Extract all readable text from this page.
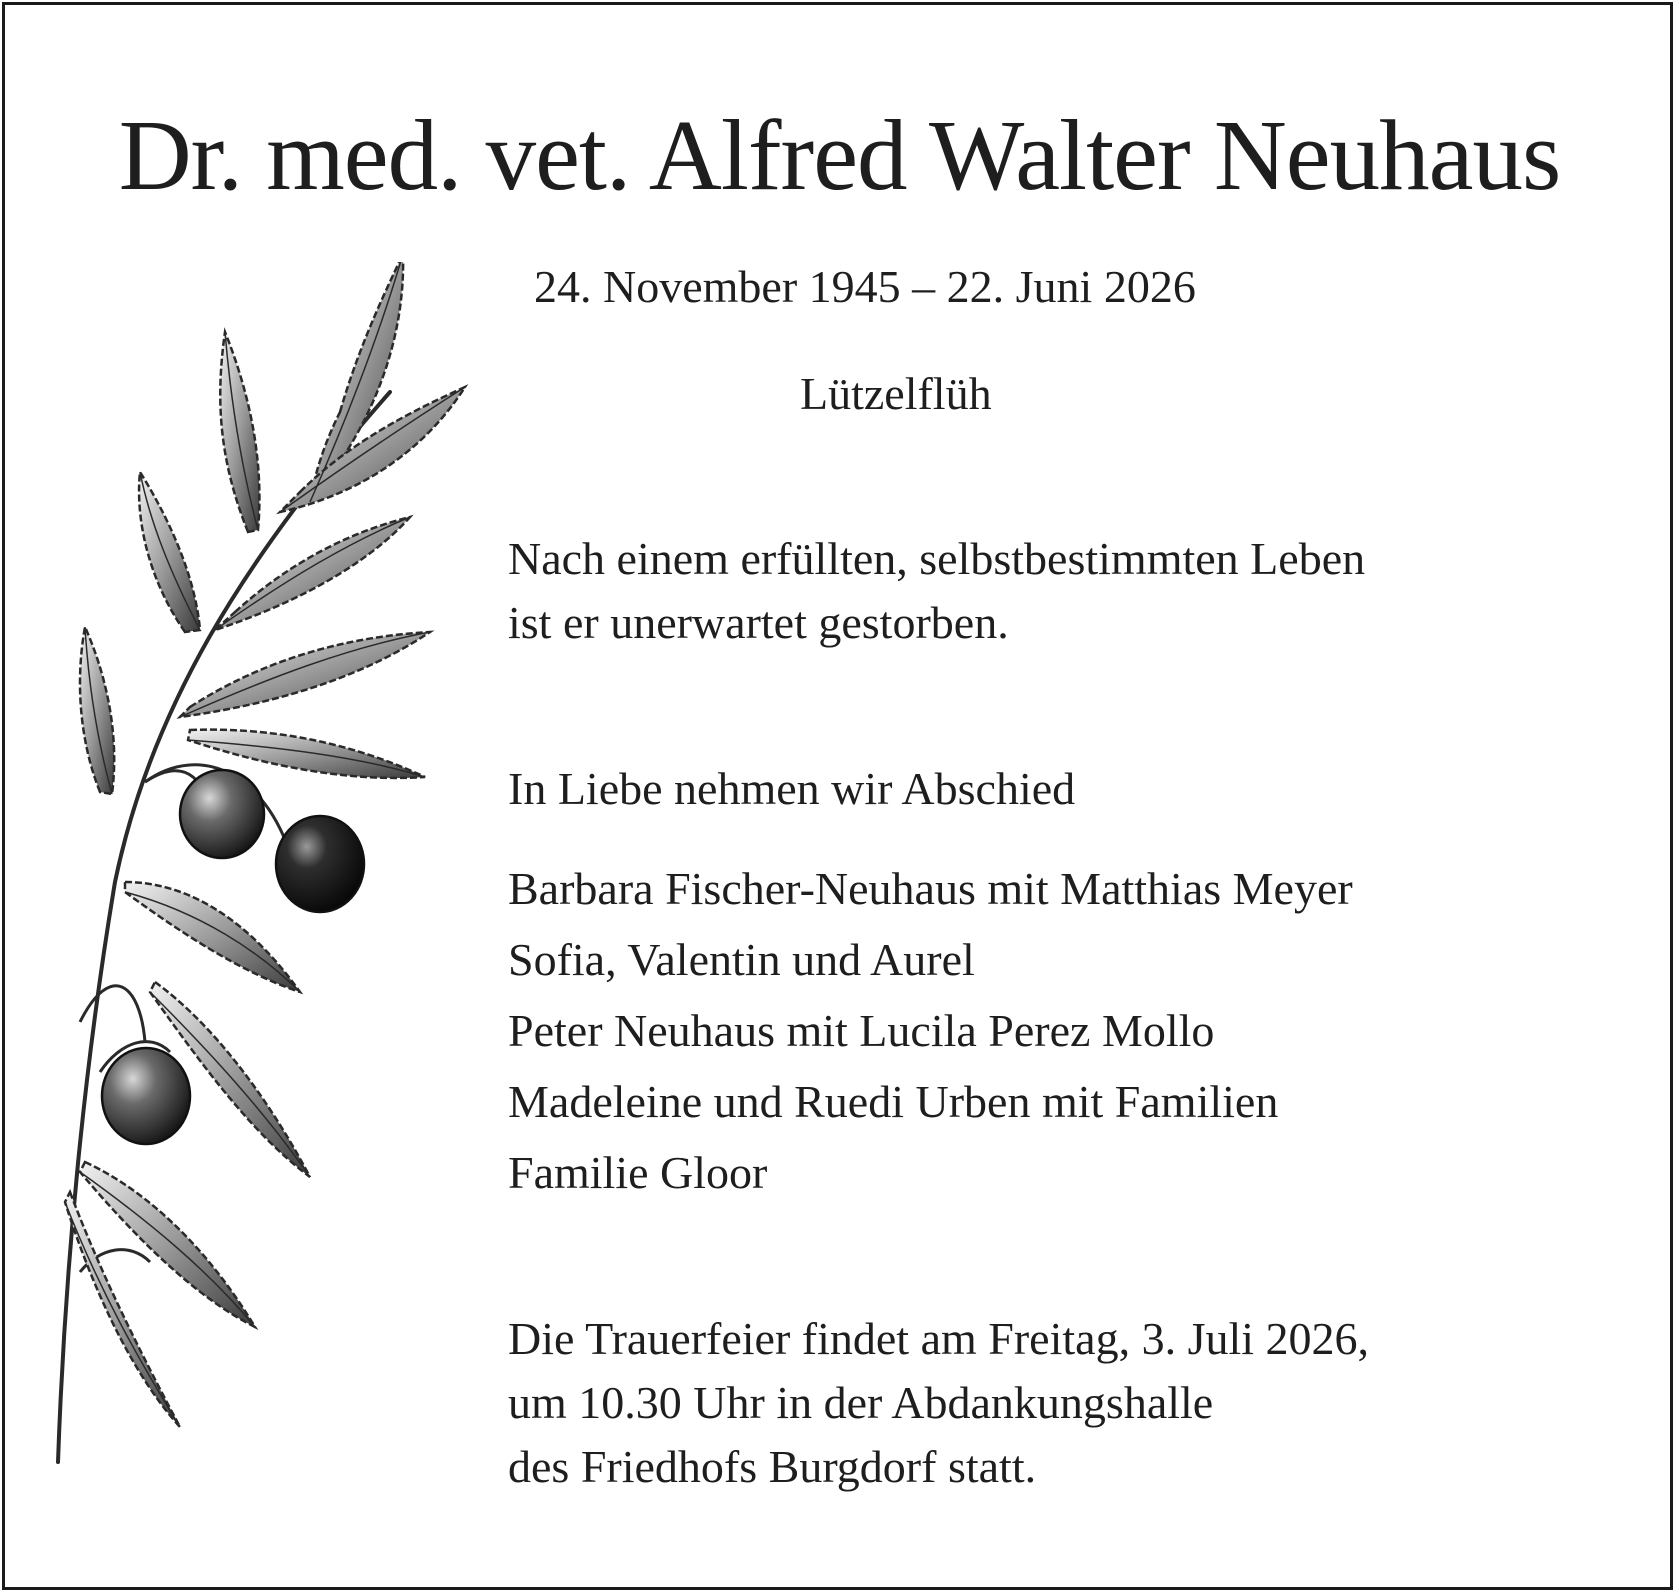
Dr. med. vet. Alfred Walter Neuhaus
24. November 1945 – 22. Juni 2026
Lützelflüh
Nach einem erfüllten, selbstbestimmten Leben
ist er unerwartet gestorben.
In Liebe nehmen wir Abschied
Barbara Fischer-Neuhaus mit Matthias Meyer
Sofia, Valentin und Aurel
Peter Neuhaus mit Lucila Perez Mollo
Madeleine und Ruedi Urben mit Familien
Familie Gloor
Die Trauerfeier findet am Freitag, 3. Juli 2026,
um 10.30 Uhr in der Abdankungshalle
des Friedhofs Burgdorf statt.
